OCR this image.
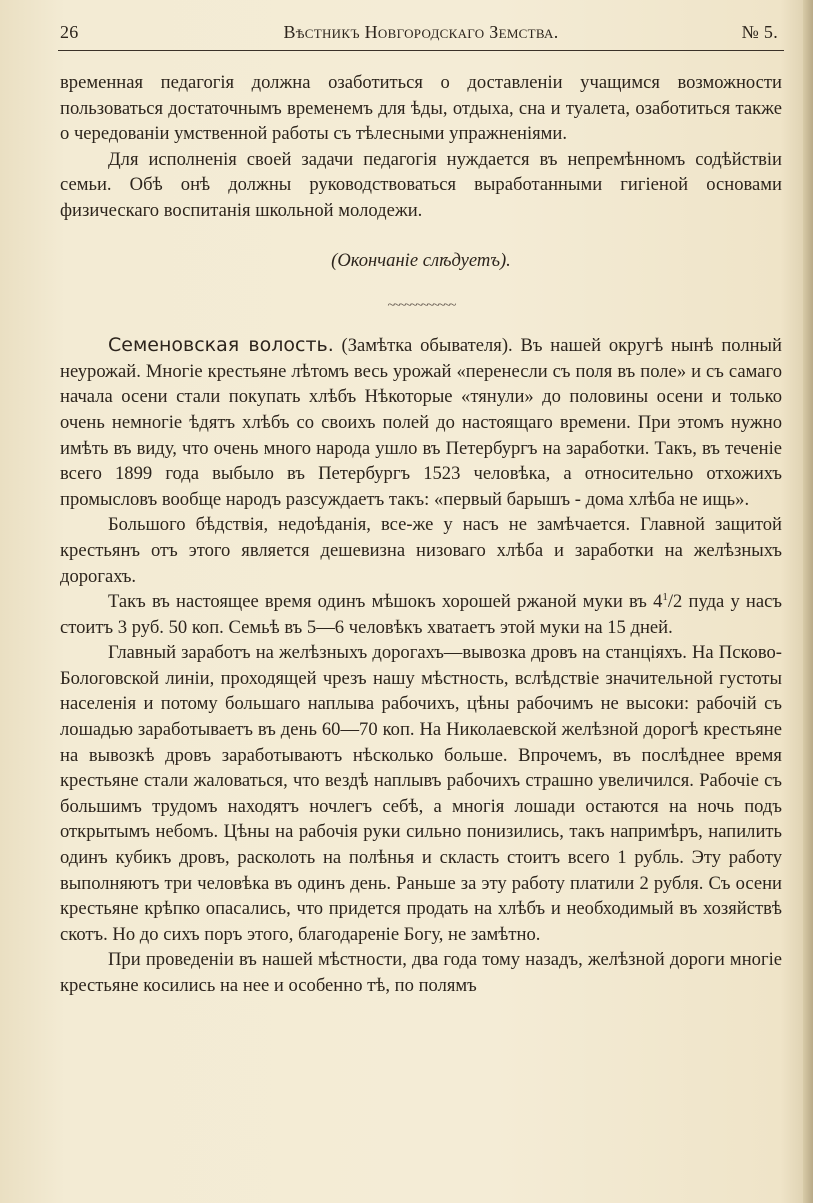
26	Вѣстникъ Новгородскаго Земства.	№ 5.

временная педагогія должна озаботиться о доставленіи учащимся возможности пользоваться достаточнымъ временемъ для ѣды, отдыха, сна и туалета, озаботиться также о чередованіи умственной работы съ тѣлесными упражненіями.

Для исполненія своей задачи педагогія нуждается въ непремѣнномъ содѣйствіи семьи. Обѣ онѣ должны руководствоваться выработанными гигіеной основами физическаго воспитанія школьной молодежи.

(Окончаніе слѣдуетъ).

~~~~~~~~~~~~

Семеновская волость. (Замѣтка обывателя). Въ нашей округѣ нынѣ полный неурожай. Многіе крестьяне лѣтомъ весь урожай «перенесли съ поля въ поле» и съ самаго начала осени стали покупать хлѣбъ Нѣкоторые «тянули» до половины осени и только очень немногіе ѣдятъ хлѣбъ со своихъ полей до настоящаго времени. При этомъ нужно имѣть въ виду, что очень много народа ушло въ Петербургъ на заработки. Такъ, въ теченіе всего 1899 года выбыло въ Петербургъ 1523 человѣка, а относительно отхожихъ промысловъ вообще народъ разсуждаетъ такъ: «первый барышъ - дома хлѣба не ищь».

Большого бѣдствія, недоѣданія, все-же у насъ не замѣчается. Главной защитой крестьянъ отъ этого является дешевизна низоваго хлѣба и заработки на желѣзныхъ дорогахъ.

Такъ въ настоящее время одинъ мѣшокъ хорошей ржаной муки въ $4^1/2$ пуда у насъ стоитъ 3 руб. 50 коп. Семьѣ въ 5—6 человѣкъ хватаетъ этой муки на 15 дней.

Главный заработъ на желѣзныхъ дорогахъ—вывозка дровъ на станціяхъ. На Псково-Бологовской линіи, проходящей чрезъ нашу мѣстность, вслѣдствіе значительной густоты населенія и потому большаго наплыва рабочихъ, цѣны рабочимъ не высоки: рабочій съ лошадью заработываетъ въ день 60—70 коп. На Николаевской желѣзной дорогѣ крестьяне на вывозкѣ дровъ заработываютъ нѣсколько больше. Впрочемъ, въ послѣднее время крестьяне стали жаловаться, что вездѣ наплывъ рабочихъ страшно увеличился. Рабочіе съ большимъ трудомъ находятъ ночлегъ себѣ, а многія лошади остаются на ночь подъ открытымъ небомъ. Цѣны на рабочія руки сильно понизились, такъ напримѣръ, напилить одинъ кубикъ дровъ, расколоть на полѣнья и скласть стоитъ всего 1 рубль. Эту работу выполняютъ три человѣка въ одинъ день. Раньше за эту работу платили 2 рубля. Съ осени крестьяне крѣпко опасались, что придется продать на хлѣбъ и необходимый въ хозяйствѣ скотъ. Но до сихъ поръ этого, благодареніе Богу, не замѣтно.

При проведеніи въ нашей мѣстности, два года тому назадъ, желѣзной дороги многіе крестьяне косились на нее и особенно тѣ, по полямъ
